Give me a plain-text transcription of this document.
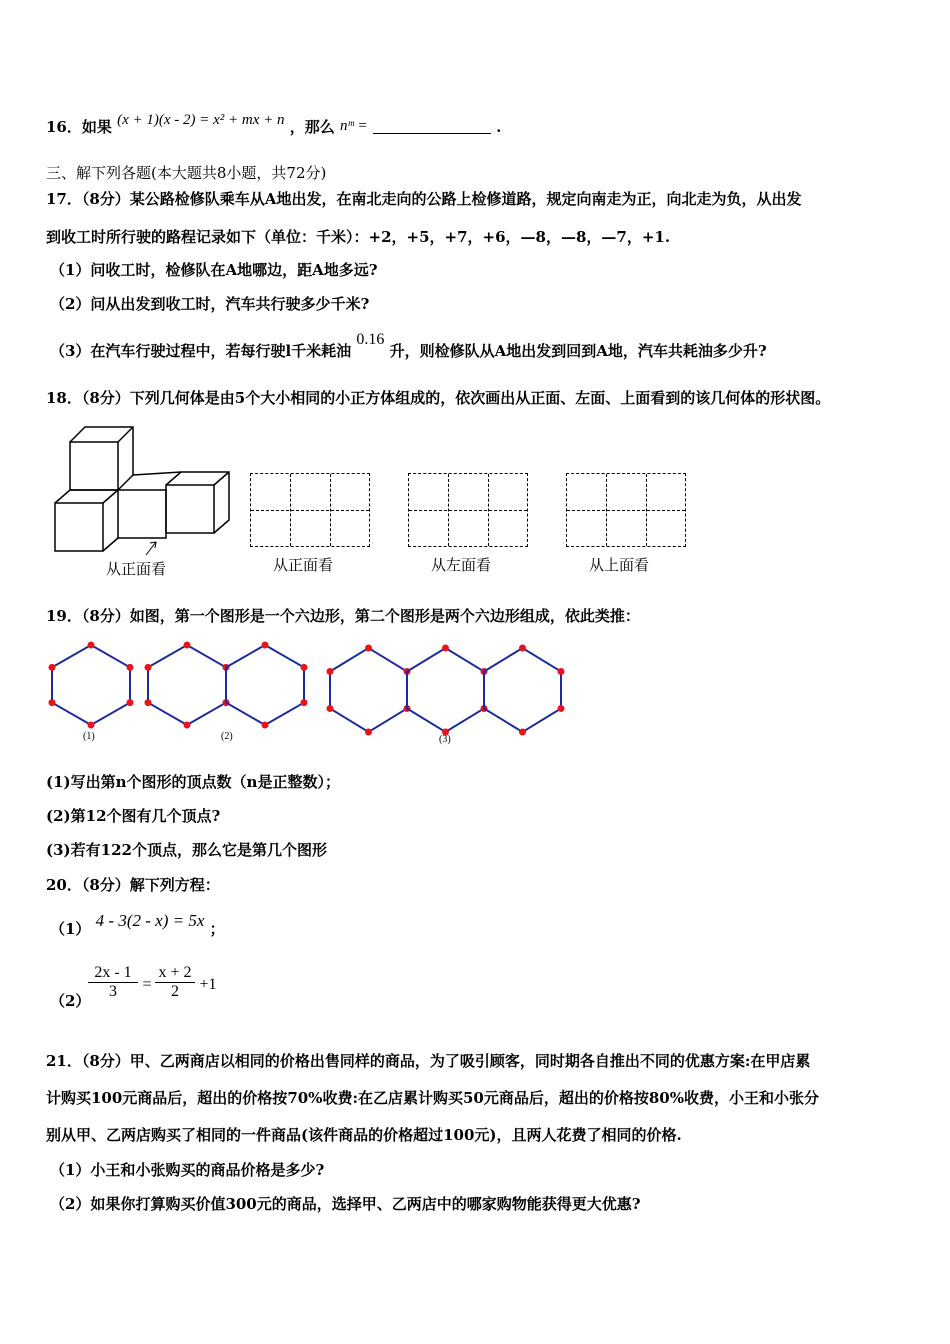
16．如果 (x + 1)(x - 2) = x² + mx + n ，那么 nᵐ =	.
三、解下列各题(本大题共8小题，共72分)
17．（8分）某公路检修队乘车从A地出发，在南北走向的公路上检修道路，规定向南走为正，向北走为负，从出发
到收工时所行驶的路程记录如下（单位：千米）：+2，+5，+7，+6，—8，—8，—7，+1.
（1）问收工时，检修队在A地哪边，距A地多远?
（2）问从出发到收工时，汽车共行驶多少千米?
（3）在汽车行驶过程中，若每行驶l千米耗油 0.16 升，则检修队从A地出发到回到A地，汽车共耗油多少升?
18．（8分）下列几何体是由5个大小相同的小正方体组成的，依次画出从正面、左面、上面看到的该几何体的形状图。
从正面看	从正面看	从左面看	从上面看
19．（8分）如图，第一个图形是一个六边形，第二个图形是两个六边形组成，依此类推：
(1)	(2)	(3)
(1)写出第n个图形的顶点数（n是正整数）；
(2)第12个图有几个顶点?
(3)若有122个顶点，那么它是第几个图形
20．（8分）解下列方程：
（1） 4 - 3(2 - x) = 5x ；
（2）
2x - 1
3	=
x + 2
2	+1
21．（8分）甲、乙两商店以相同的价格出售同样的商品，为了吸引顾客，同时期各自推出不同的优惠方案:在甲店累
计购买100元商品后，超出的价格按70%收费:在乙店累计购买50元商品后，超出的价格按80%收费，小王和小张分
别从甲、乙两店购买了相同的一件商品(该件商品的价格超过100元)，且两人花费了相同的价格.
（1）小王和小张购买的商品价格是多少?
（2）如果你打算购买价值300元的商品，选择甲、乙两店中的哪家购物能获得更大优惠?
